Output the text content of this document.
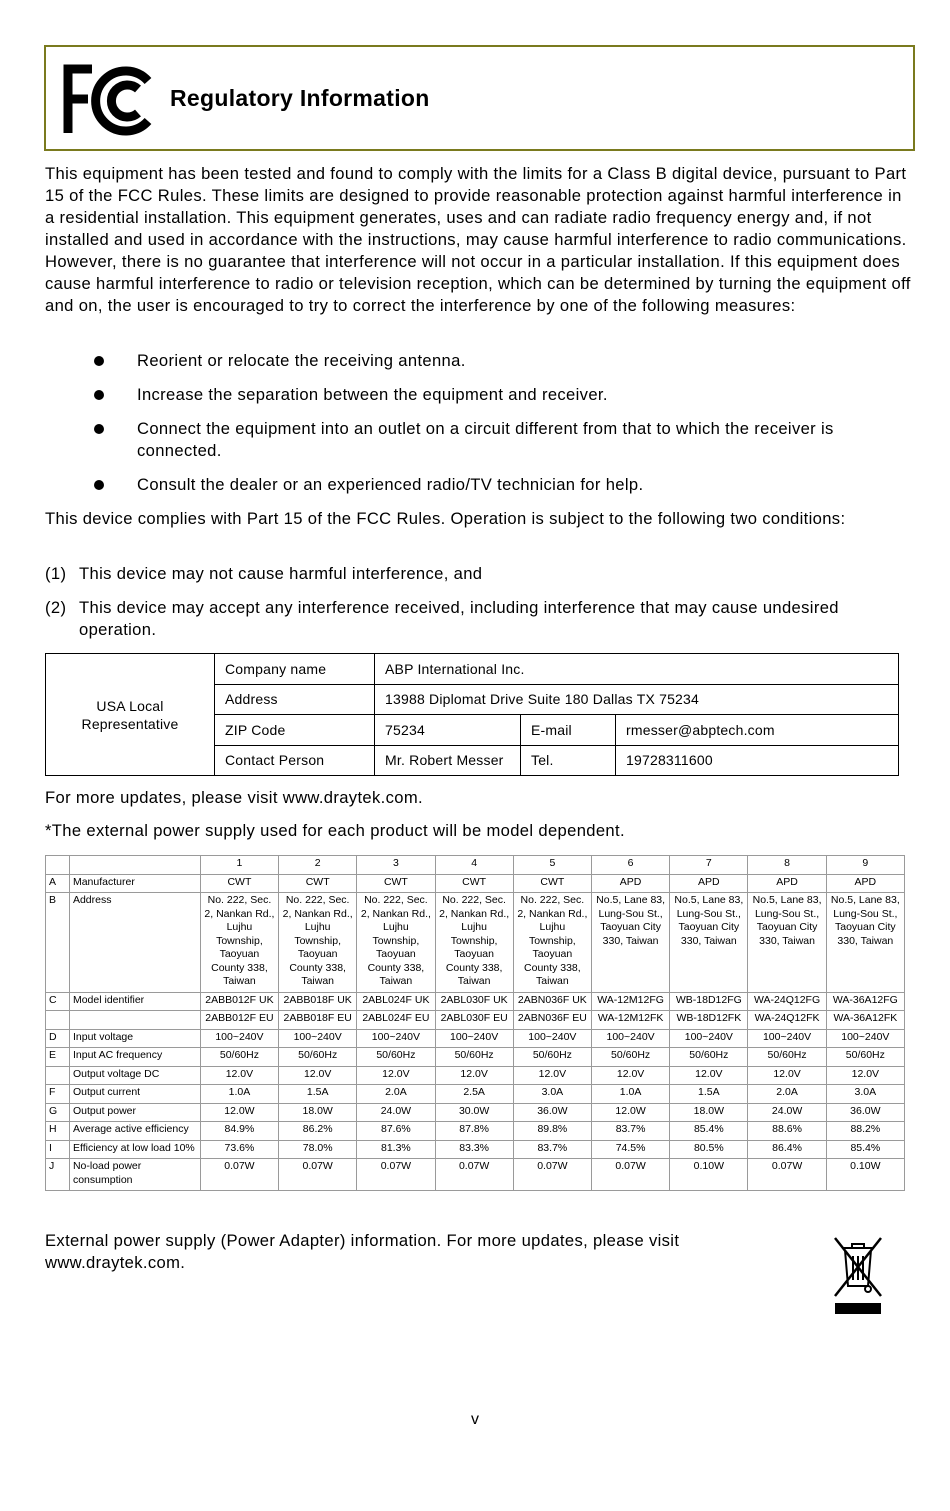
Regulatory Information

This equipment has been tested and found to comply with the limits for a Class B digital device, pursuant to Part 15 of the FCC Rules. These limits are designed to provide reasonable protection against harmful interference in a residential installation. This equipment generates, uses and can radiate radio frequency energy and, if not installed and used in accordance with the instructions, may cause harmful interference to radio communications. However, there is no guarantee that interference will not occur in a particular installation. If this equipment does cause harmful interference to radio or television reception, which can be determined by turning the equipment off and on, the user is encouraged to try to correct the interference by one of the following measures:

Reorient or relocate the receiving antenna.
Increase the separation between the equipment and receiver.
Connect the equipment into an outlet on a circuit different from that to which the receiver is connected.
Consult the dealer or an experienced radio/TV technician for help.

This device complies with Part 15 of the FCC Rules. Operation is subject to the following two conditions:

(1) This device may not cause harmful interference, and
(2) This device may accept any interference received, including interference that may cause undesired operation.
USA Local Representative	Company name	ABP International Inc.		
	Address	13988 Diplomat Drive Suite 180 Dallas TX 75234		
	ZIP Code	75234	E-mail	rmesser@abptech.com
	Contact Person	Mr. Robert Messer	Tel.	19728311600

For more updates, please visit www.draytek.com.

*The external power supply used for each product will be model dependent.

		1	2	3	4	5	6	7	8	9
A	Manufacturer	CWT	CWT	CWT	CWT	CWT	APD	APD	APD	APD
B	Address	No. 222, Sec. 2, Nankan Rd., Lujhu Township, Taoyuan County 338, Taiwan	No. 222, Sec. 2, Nankan Rd., Lujhu Township, Taoyuan County 338, Taiwan	No. 222, Sec. 2, Nankan Rd., Lujhu Township, Taoyuan County 338, Taiwan	No. 222, Sec. 2, Nankan Rd., Lujhu Township, Taoyuan County 338, Taiwan	No. 222, Sec. 2, Nankan Rd., Lujhu Township, Taoyuan County 338, Taiwan	No.5, Lane 83, Lung-Sou St., Taoyuan City 330, Taiwan	No.5, Lane 83, Lung-Sou St., Taoyuan City 330, Taiwan	No.5, Lane 83, Lung-Sou St., Taoyuan City 330, Taiwan	No.5, Lane 83, Lung-Sou St., Taoyuan City 330, Taiwan
C	Model identifier	2ABB012F UK	2ABB018F UK	2ABL024F UK	2ABL030F UK	2ABN036F UK	WA-12M12FG	WB-18D12FG	WA-24Q12FG	WA-36A12FG
		2ABB012F EU	2ABB018F EU	2ABL024F EU	2ABL030F EU	2ABN036F EU	WA-12M12FK	WB-18D12FK	WA-24Q12FK	WA-36A12FK
D	Input voltage	100~240V	100~240V	100~240V	100~240V	100~240V	100~240V	100~240V	100~240V	100~240V
E	Input AC frequency	50/60Hz	50/60Hz	50/60Hz	50/60Hz	50/60Hz	50/60Hz	50/60Hz	50/60Hz	50/60Hz
	Output voltage DC	12.0V	12.0V	12.0V	12.0V	12.0V	12.0V	12.0V	12.0V	12.0V
F	Output current	1.0A	1.5A	2.0A	2.5A	3.0A	1.0A	1.5A	2.0A	3.0A
G	Output power	12.0W	18.0W	24.0W	30.0W	36.0W	12.0W	18.0W	24.0W	36.0W
H	Average active efficiency	84.9%	86.2%	87.6%	87.8%	89.8%	83.7%	85.4%	88.6%	88.2%
I	Efficiency at low load 10%	73.6%	78.0%	81.3%	83.3%	83.7%	74.5%	80.5%	86.4%	85.4%
J	No-load power consumption	0.07W	0.07W	0.07W	0.07W	0.07W	0.07W	0.10W	0.07W	0.10W

External power supply (Power Adapter) information. For more updates, please visit www.draytek.com.

v
